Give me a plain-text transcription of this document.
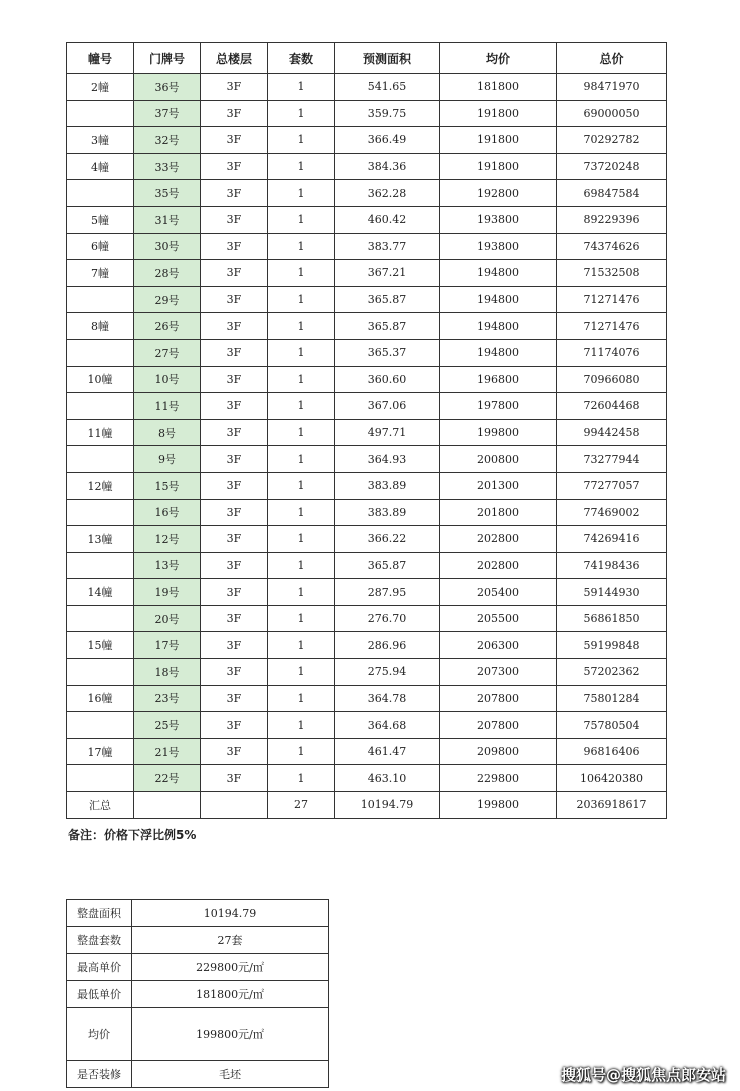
幢号	门牌号	总楼层	套数	预测面积	均价	总价
2幢	36号	3F	1	541.65	181800	98471970
	37号	3F	1	359.75	191800	69000050
3幢	32号	3F	1	366.49	191800	70292782
4幢	33号	3F	1	384.36	191800	73720248
	35号	3F	1	362.28	192800	69847584
5幢	31号	3F	1	460.42	193800	89229396
6幢	30号	3F	1	383.77	193800	74374626
7幢	28号	3F	1	367.21	194800	71532508
	29号	3F	1	365.87	194800	71271476
8幢	26号	3F	1	365.87	194800	71271476
	27号	3F	1	365.37	194800	71174076
10幢	10号	3F	1	360.60	196800	70966080
	11号	3F	1	367.06	197800	72604468
11幢	8号	3F	1	497.71	199800	99442458
	9号	3F	1	364.93	200800	73277944
12幢	15号	3F	1	383.89	201300	77277057
	16号	3F	1	383.89	201800	77469002
13幢	12号	3F	1	366.22	202800	74269416
	13号	3F	1	365.87	202800	74198436
14幢	19号	3F	1	287.95	205400	59144930
	20号	3F	1	276.70	205500	56861850
15幢	17号	3F	1	286.96	206300	59199848
	18号	3F	1	275.94	207300	57202362
16幢	23号	3F	1	364.78	207800	75801284
	25号	3F	1	364.68	207800	75780504
17幢	21号	3F	1	461.47	209800	96816406
	22号	3F	1	463.10	229800	106420380
汇总			27	10194.79	199800	2036918617
备注：价格下浮比例5%
整盘面积	10194.79
整盘套数	27套
最高单价	229800元/㎡
最低单价	181800元/㎡
均价	199800元/㎡
是否装修	毛坯	搜狐号@搜狐焦点郎安站
